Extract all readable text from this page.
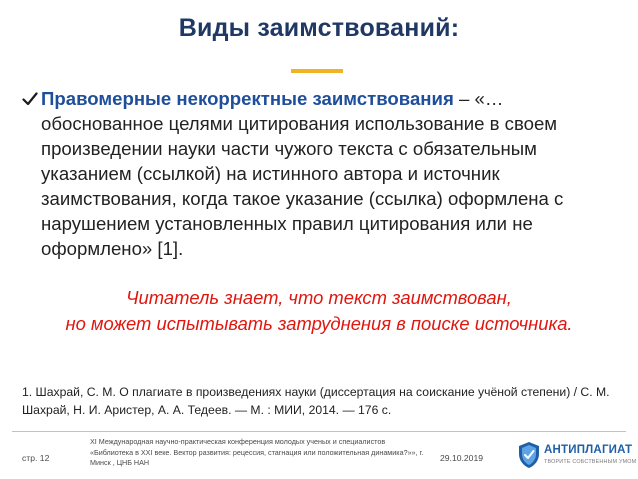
Виды заимствований:
Правомерные некорректные заимствования – «…обоснованное целями цитирования использование в своем произведении науки части чужого текста с обязательным указанием (ссылкой) на истинного автора и источник заимствования, когда такое указание (ссылка) оформлена с нарушением установленных правил цитирования или не оформлено» [1].
Читатель знает, что текст заимствован,
но может испытывать затруднения в поиске источника.
1. Шахрай, С. М. О плагиате в произведениях науки (диссертация на соискание учёной степени) / С. М. Шахрай, Н. И. Аристер, А. А. Тедеев. — М. : МИИ, 2014. — 176 с.
стр. 12
XI Международная научно-практическая конференция молодых ученых и специалистов «Библиотека в XXI веке. Вектор развития: рецессия, стагнация или положительная динамика?»», г. Минск , ЦНБ НАН	29.10.2019
АНТИПЛАГИАТ
ТВОРИТЕ СОБСТВЕННЫМ УМОМ
